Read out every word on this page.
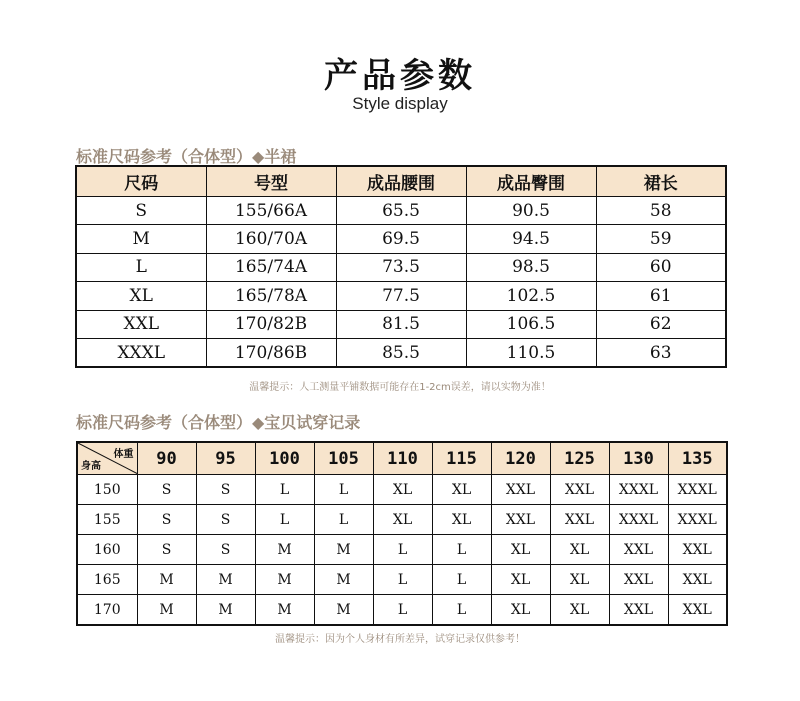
产品参数
Style display
标准尺码参考（合体型）◆半裙
尺码	号型	成品腰围	成品臀围	裙长
S	155/66A	65.5	90.5	58
M	160/70A	69.5	94.5	59
L	165/74A	73.5	98.5	60
XL	165/78A	77.5	102.5	61
XXL	170/82B	81.5	106.5	62
XXXL	170/86B	85.5	110.5	63
温馨提示：人工测量平铺数据可能存在1-2cm误差，请以实物为准！
标准尺码参考（合体型）◆宝贝试穿记录
体重
身高	90	95	100	105	110	115	120	125	130	135
150	S	S	L	L	XL	XL	XXL	XXL	XXXL	XXXL
155	S	S	L	L	XL	XL	XXL	XXL	XXXL	XXXL
160	S	S	M	M	L	L	XL	XL	XXL	XXL
165	M	M	M	M	L	L	XL	XL	XXL	XXL
170	M	M	M	M	L	L	XL	XL	XXL	XXL
温馨提示：因为个人身材有所差异，试穿记录仅供参考！
